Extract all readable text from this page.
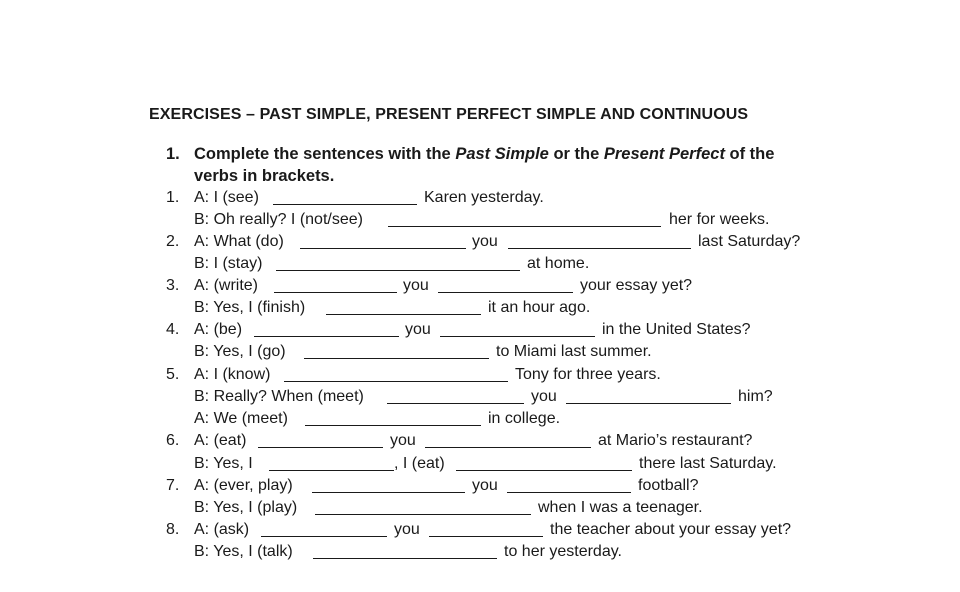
EXERCISES – PAST SIMPLE, PRESENT PERFECT SIMPLE AND CONTINUOUS
1. Complete the sentences with the Past Simple or the Present Perfect of the
verbs in brackets.
1. A: I (see)	Karen yesterday.
B: Oh really? I (not/see)	her for weeks.
2. A: What (do)	you	last Saturday?
B: I (stay)	at home.
3. A: (write)	you	your essay yet?
B: Yes, I (finish)	it an hour ago.
4. A: (be)	you	in the United States?
B: Yes, I (go)	to Miami last summer.
5. A: I (know)	Tony for three years.
B: Really? When (meet)	you	him?
A: We (meet)	in college.
6. A: (eat)	you	at Mario’s restaurant?
B: Yes, I	, I (eat)	there last Saturday.
7. A: (ever, play)	you	football?
B: Yes, I (play)	when I was a teenager.
8. A: (ask)	you	the teacher about your essay yet?
B: Yes, I (talk)	to her yesterday.
